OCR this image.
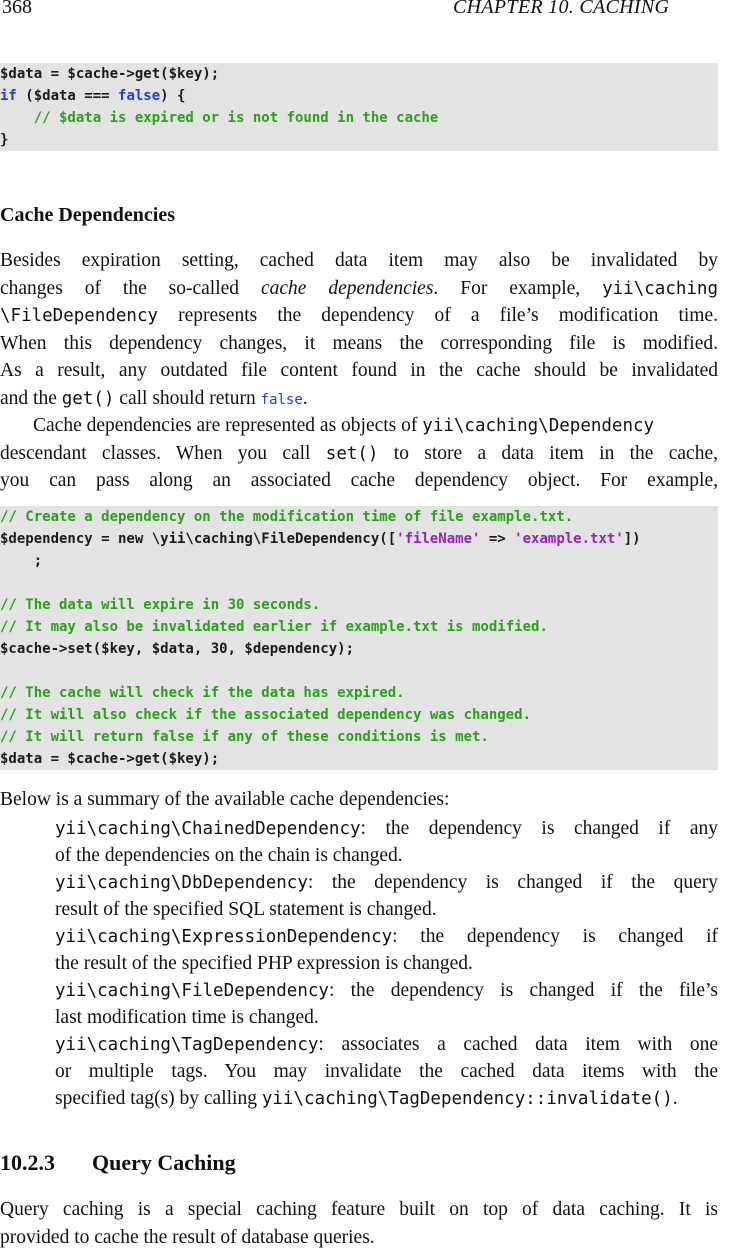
368	CHAPTER 10. CACHING
$data = $cache->get($key);
if ($data === false) {
// $data is expired or is not found in the cache
}
Cache Dependencies
Besides expiration setting, cached data item may also be invalidated by
changes of the so-called cache dependencies. For example, yii\caching
\FileDependency represents the dependency of a file’s modification time.
When this dependency changes, it means the corresponding file is modified.
As a result, any outdated file content found in the cache should be invalidated
and the get() call should return false.
Cache dependencies are represented as objects of yii\caching\Dependency
descendant classes. When you call set() to store a data item in the cache,
you can pass along an associated cache dependency object. For example,
// Create a dependency on the modification time of file example.txt.
$dependency = new \yii\caching\FileDependency(['fileName' => 'example.txt'])
;
// The data will expire in 30 seconds.
// It may also be invalidated earlier if example.txt is modified.
$cache->set($key, $data, 30, $dependency);
// The cache will check if the data has expired.
// It will also check if the associated dependency was changed.
// It will return false if any of these conditions is met.
$data = $cache->get($key);
Below is a summary of the available cache dependencies:
yii\caching\ChainedDependency: the dependency is changed if any
of the dependencies on the chain is changed.
yii\caching\DbDependency: the dependency is changed if the query
result of the specified SQL statement is changed.
yii\caching\ExpressionDependency: the dependency is changed if
the result of the specified PHP expression is changed.
yii\caching\FileDependency: the dependency is changed if the file’s
last modification time is changed.
yii\caching\TagDependency: associates a cached data item with one
or multiple tags. You may invalidate the cached data items with the
specified tag(s) by calling yii\caching\TagDependency::invalidate().
10.2.3 Query Caching
Query caching is a special caching feature built on top of data caching. It is
provided to cache the result of database queries.
